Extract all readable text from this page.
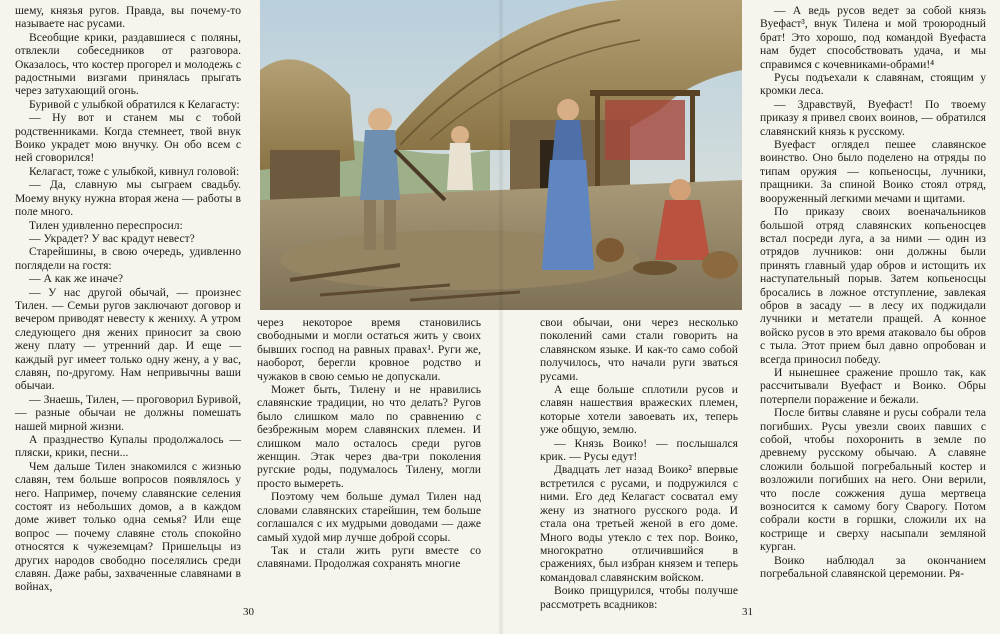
шему, князья ругов. Правда, вы почему-то называете нас русами.

Всеобщие крики, раздавшиеся с поляны, отвлекли собеседников от разговора. Оказалось, что костер прогорел и молодежь с радостными визгами принялась прыгать через затухающий огонь.

Буривой с улыбкой обратился к Келагасту:

— Ну вот и станем мы с тобой родственниками. Когда стемнеет, твой внук Воико украдет мою внучку. Он обо всем с ней сговорился!

Келагаст, тоже с улыбкой, кивнул головой:

— Да, славную мы сыграем свадьбу. Моему внуку нужна вторая жена — работы в поле много.

Тилен удивленно переспросил:

— Украдет? У вас крадут невест?

Старейшины, в свою очередь, удивленно поглядели на гостя:

— А как же иначе?

— У нас другой обычай, — произнес Тилен. — Семьи ругов заключают договор и вечером приводят невесту к жениху. А утром следующего дня жених приносит за свою жену плату — утренний дар. И еще — каждый руг имеет только одну жену, а у вас, славян, по-другому. Нам непривычны ваши обычаи.

— Знаешь, Тилен, — проговорил Буривой, — разные обычаи не должны помешать нашей мирной жизни.

А празднество Купалы продолжалось — пляски, крики, песни...

Чем дальше Тилен знакомился с жизнью славян, тем больше вопросов появлялось у него. Например, почему славянские селения состоят из небольших домов, а в каждом доме живет только одна семья? Или еще вопрос — почему славяне столь спокойно относятся к чужеземцам? Пришельцы из других народов свободно поселялись среди славян. Даже рабы, захваченные славянами в войнах,

через некоторое время становились свободными и могли остаться жить у своих бывших господ на равных правах¹. Руги же, наоборот, берегли кровное родство и чужаков в свою семью не допускали.

Может быть, Тилену и не нравились славянские традиции, но что делать? Ругов было слишком мало по сравнению с безбрежным морем славянских племен. И слишком мало осталось среди ругов женщин. Этак через два-три поколения ругские роды, подумалось Тилену, могли просто вымереть.

Поэтому чем больше думал Тилен над словами славянских старейшин, тем больше соглашался с их мудрыми доводами — даже самый худой мир лучше доброй ссоры.

Так и стали жить руги вместе со славянами. Продолжая сохранять многие

свои обычаи, они через несколько поколений сами стали говорить на славянском языке. И как-то само собой получилось, что начали руги зваться русами.

А еще больше сплотили русов и славян нашествия вражеских племен, которые хотели завоевать их, теперь уже общую, землю.

— Князь Воико! — послышался крик. — Русы едут!

Двадцать лет назад Воико² впервые встретился с русами, и подружился с ними. Его дед Келагаст сосватал ему жену из знатного русского рода. И стала она третьей женой в его доме. Много воды утекло с тех пор. Воико, многократно отличившийся в сражениях, был избран князем и теперь командовал славянским войском.

Воико прищурился, чтобы получше рассмотреть всадников:

— А ведь русов ведет за собой князь Вуефаст³, внук Тилена и мой троюродный брат! Это хорошо, под командой Вуефаста нам будет способствовать удача, и мы справимся с кочевниками-обрами!⁴

Русы подъехали к славянам, стоящим у кромки леса.

— Здравствуй, Вуефаст! По твоему приказу я привел своих воинов, — обратился славянский князь к русскому.

Вуефаст оглядел пешее славянское воинство. Оно было поделено на отряды по типам оружия — копьеносцы, лучники, пращники. За спиной Воико стоял отряд, вооруженный легкими мечами и щитами.

По приказу своих военачальников большой отряд славянских копьеносцев встал посреди луга, а за ними — один из отрядов лучников: они должны были принять главный удар обров и истощить их наступательный порыв. Затем копьеносцы бросались в ложное отступление, завлекая обров в засаду — в лесу их поджидали лучники и метатели пращей. А конное войско русов в это время атаковало бы обров с тыла. Этот прием был давно опробован и всегда приносил победу.

И нынешнее сражение прошло так, как рассчитывали Вуефаст и Воико. Обры потерпели поражение и бежали.

После битвы славяне и русы собрали тела погибших. Русы увезли своих павших с собой, чтобы похоронить в земле по древнему русскому обычаю. А славяне сложили большой погребальный костер и возложили погибших на него. Они верили, что после сожжения душа мертвеца возносится к самому богу Сварогу. Потом собрали кости в горшки, сложили их на кострище и сверху насыпали земляной курган.

Воико наблюдал за окончанием погребальной славянской церемонии. Ря-

30	31
